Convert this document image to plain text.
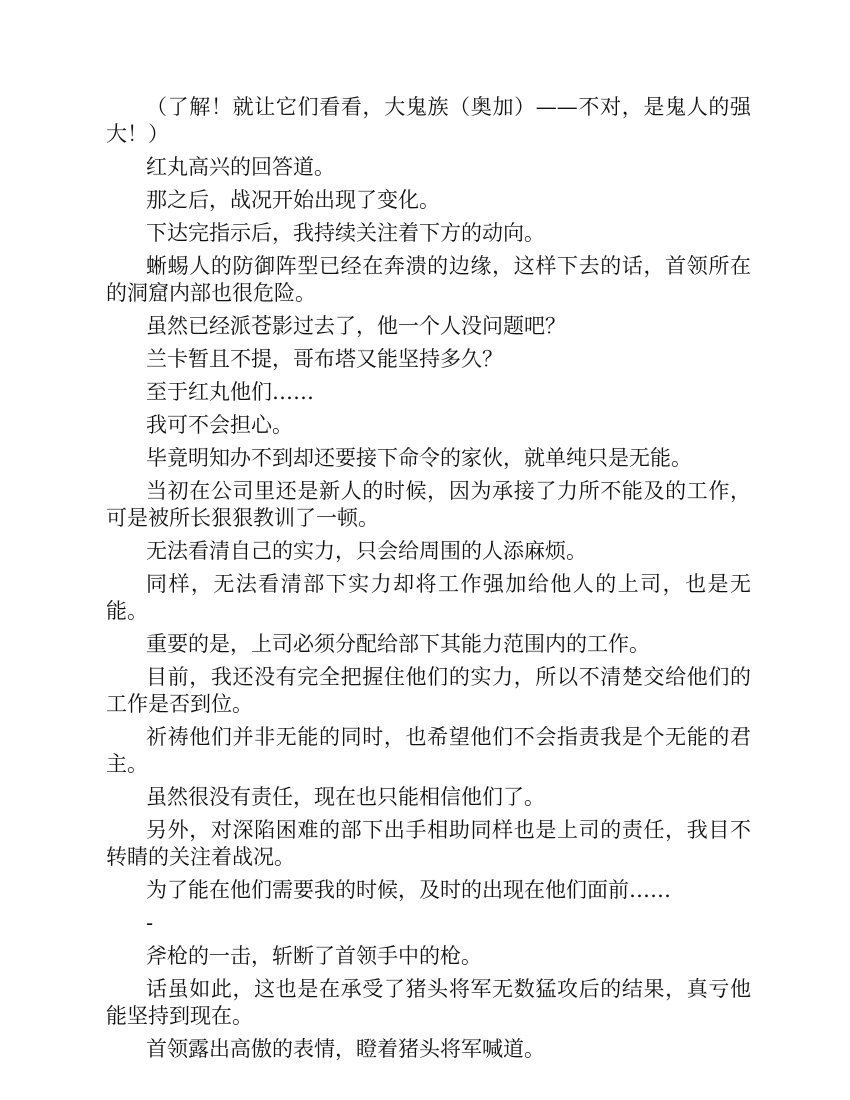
（了解！就让它们看看，大鬼族（奥加）——不对，是鬼人的强大！）

红丸高兴的回答道。

那之后，战况开始出现了变化。

下达完指示后，我持续关注着下方的动向。

蜥蜴人的防御阵型已经在奔溃的边缘，这样下去的话，首领所在的洞窟内部也很危险。

虽然已经派苍影过去了，他一个人没问题吧？

兰卡暂且不提，哥布塔又能坚持多久？

至于红丸他们……

我可不会担心。

毕竟明知办不到却还要接下命令的家伙，就单纯只是无能。

当初在公司里还是新人的时候，因为承接了力所不能及的工作，可是被所长狠狠教训了一顿。

无法看清自己的实力，只会给周围的人添麻烦。

同样，无法看清部下实力却将工作强加给他人的上司，也是无能。

重要的是，上司必须分配给部下其能力范围内的工作。

目前，我还没有完全把握住他们的实力，所以不清楚交给他们的工作是否到位。

祈祷他们并非无能的同时，也希望他们不会指责我是个无能的君主。

虽然很没有责任，现在也只能相信他们了。

另外，对深陷困难的部下出手相助同样也是上司的责任，我目不转睛的关注着战况。

为了能在他们需要我的时候，及时的出现在他们面前……

-

斧枪的一击，斩断了首领手中的枪。

话虽如此，这也是在承受了猪头将军无数猛攻后的结果，真亏他能坚持到现在。

首领露出高傲的表情，瞪着猪头将军喊道。
